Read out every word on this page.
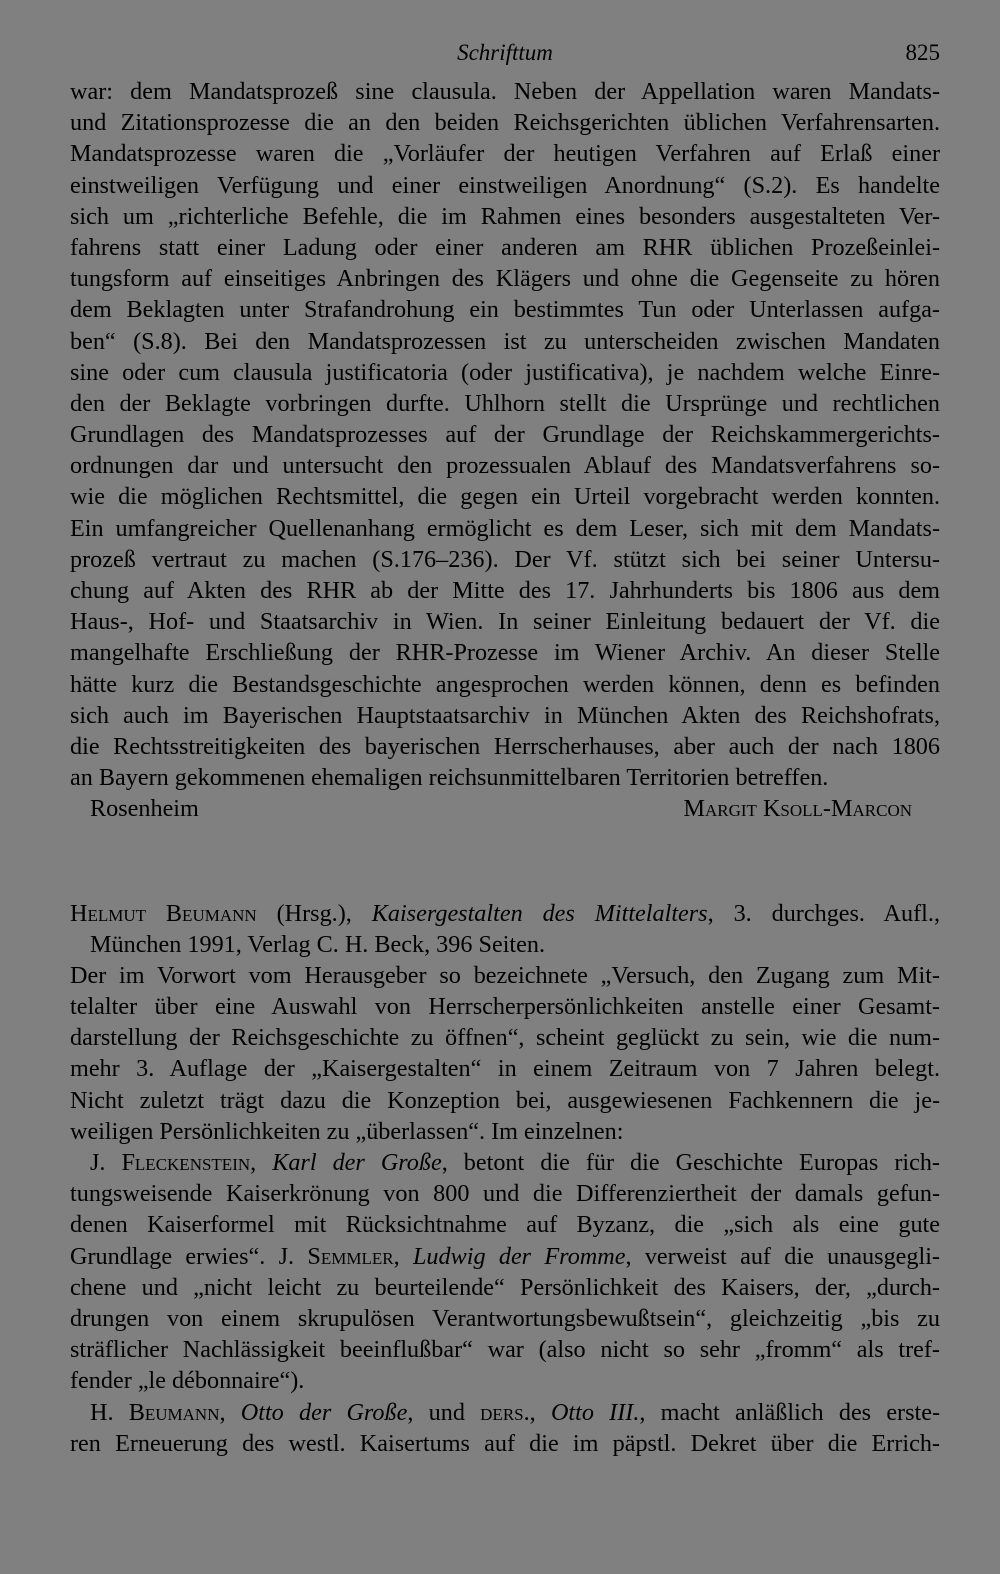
Schrifttum	825
war: dem Mandatsprozeß sine clausula. Neben der Appellation waren Mandats-
und Zitationsprozesse die an den beiden Reichsgerichten üblichen Verfahrensarten.
Mandatsprozesse waren die „Vorläufer der heutigen Verfahren auf Erlaß einer
einstweiligen Verfügung und einer einstweiligen Anordnung“ (S.2). Es handelte
sich um „richterliche Befehle, die im Rahmen eines besonders ausgestalteten Ver-
fahrens statt einer Ladung oder einer anderen am RHR üblichen Prozeßeinlei-
tungsform auf einseitiges Anbringen des Klägers und ohne die Gegenseite zu hören
dem Beklagten unter Strafandrohung ein bestimmtes Tun oder Unterlassen aufga-
ben“ (S.8). Bei den Mandatsprozessen ist zu unterscheiden zwischen Mandaten
sine oder cum clausula justificatoria (oder justificativa), je nachdem welche Einre-
den der Beklagte vorbringen durfte. Uhlhorn stellt die Ursprünge und rechtlichen
Grundlagen des Mandatsprozesses auf der Grundlage der Reichskammergerichts-
ordnungen dar und untersucht den prozessualen Ablauf des Mandatsverfahrens so-
wie die möglichen Rechtsmittel, die gegen ein Urteil vorgebracht werden konnten.
Ein umfangreicher Quellenanhang ermöglicht es dem Leser, sich mit dem Mandats-
prozeß vertraut zu machen (S.176–236). Der Vf. stützt sich bei seiner Untersu-
chung auf Akten des RHR ab der Mitte des 17. Jahrhunderts bis 1806 aus dem
Haus-, Hof- und Staatsarchiv in Wien. In seiner Einleitung bedauert der Vf. die
mangelhafte Erschließung der RHR-Prozesse im Wiener Archiv. An dieser Stelle
hätte kurz die Bestandsgeschichte angesprochen werden können, denn es befinden
sich auch im Bayerischen Hauptstaatsarchiv in München Akten des Reichshofrats,
die Rechtsstreitigkeiten des bayerischen Herrscherhauses, aber auch der nach 1806
an Bayern gekommenen ehemaligen reichsunmittelbaren Territorien betreffen.
Rosenheim	Margit Ksoll-Marcon
Helmut Beumann (Hrsg.), Kaisergestalten des Mittelalters, 3. durchges. Aufl.,
München 1991, Verlag C. H. Beck, 396 Seiten.
Der im Vorwort vom Herausgeber so bezeichnete „Versuch, den Zugang zum Mit-
telalter über eine Auswahl von Herrscherpersönlichkeiten anstelle einer Gesamt-
darstellung der Reichsgeschichte zu öffnen“, scheint geglückt zu sein, wie die num-
mehr 3. Auflage der „Kaisergestalten“ in einem Zeitraum von 7 Jahren belegt.
Nicht zuletzt trägt dazu die Konzeption bei, ausgewiesenen Fachkennern die je-
weiligen Persönlichkeiten zu „überlassen“. Im einzelnen:
J. Fleckenstein, Karl der Große, betont die für die Geschichte Europas rich-
tungsweisende Kaiserkrönung von 800 und die Differenziertheit der damals gefun-
denen Kaiserformel mit Rücksichtnahme auf Byzanz, die „sich als eine gute
Grundlage erwies“. J. Semmler, Ludwig der Fromme, verweist auf die unausgegli-
chene und „nicht leicht zu beurteilende“ Persönlichkeit des Kaisers, der, „durch-
drungen von einem skrupulösen Verantwortungsbewußtsein“, gleichzeitig „bis zu
sträflicher Nachlässigkeit beeinflußbar“ war (also nicht so sehr „fromm“ als tref-
fender „le débonnaire“).
H. Beumann, Otto der Große, und ders., Otto III., macht anläßlich des erste-
ren Erneuerung des westl. Kaisertums auf die im päpstl. Dekret über die Errich-
